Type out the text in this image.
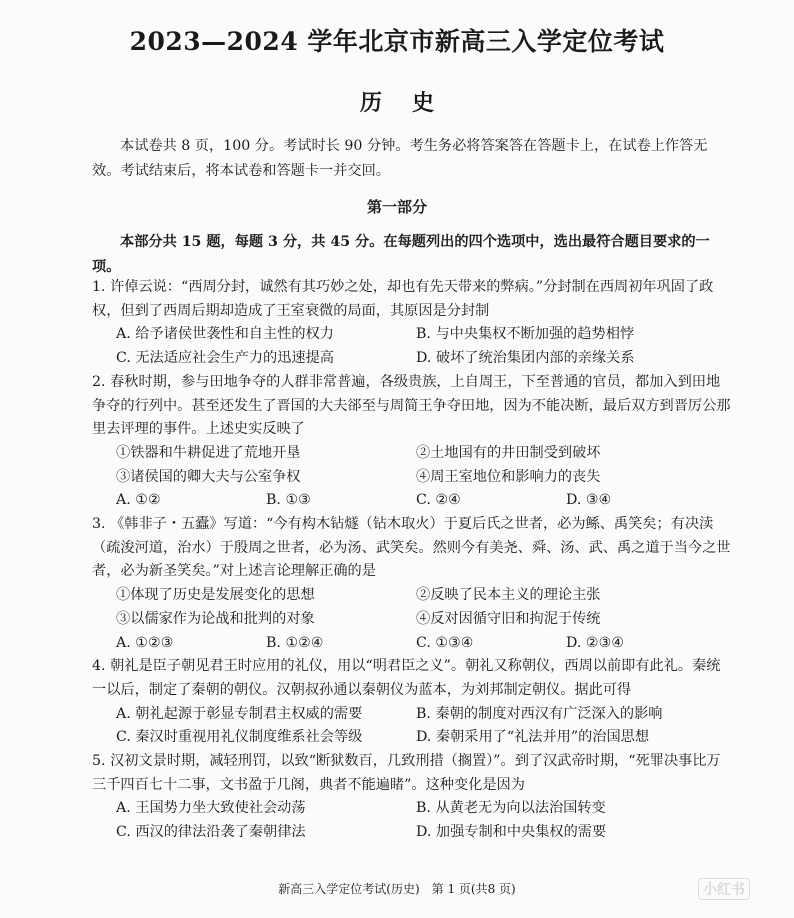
2023—2024 学年北京市新高三入学定位考试
历史
本试卷共 8 页，100 分。考试时长 90 分钟。考生务必将答案答在答题卡上，在试卷上作答无效。考试结束后，将本试卷和答题卡一并交回。
第一部分
本部分共 15 题，每题 3 分，共 45 分。在每题列出的四个选项中，选出最符合题目要求的一项。
1. 许倬云说：“西周分封，诚然有其巧妙之处，却也有先天带来的弊病。”分封制在西周初年巩固了政权，但到了西周后期却造成了王室衰微的局面，其原因是分封制
A. 给予诸侯世袭性和自主性的权力	B. 与中央集权不断加强的趋势相悖
C. 无法适应社会生产力的迅速提高	D. 破坏了统治集团内部的亲缘关系
2. 春秋时期，参与田地争夺的人群非常普遍，各级贵族，上自周王，下至普通的官员，都加入到田地争夺的行列中。甚至还发生了晋国的大夫郤至与周简王争夺田地，因为不能决断，最后双方到晋厉公那里去评理的事件。上述史实反映了
①铁器和牛耕促进了荒地开垦	②土地国有的井田制受到破坏
③诸侯国的卿大夫与公室争权	④周王室地位和影响力的丧失
A. ①②	B. ①③	C. ②④	D. ③④
3. 《韩非子・五蠹》写道：“今有构木钻燧（钻木取火）于夏后氏之世者，必为鲧、禹笑矣；有决渎（疏浚河道，治水）于殷周之世者，必为汤、武笑矣。然则今有美尧、舜、汤、武、禹之道于当今之世者，必为新圣笑矣。”对上述言论理解正确的是
①体现了历史是发展变化的思想	②反映了民本主义的理论主张
③以儒家作为论战和批判的对象	④反对因循守旧和拘泥于传统
A. ①②③	B. ①②④	C. ①③④	D. ②③④
4. 朝礼是臣子朝见君王时应用的礼仪，用以“明君臣之义”。朝礼又称朝仪，西周以前即有此礼。秦统一以后，制定了秦朝的朝仪。汉朝叔孙通以秦朝仪为蓝本，为刘邦制定朝仪。据此可得
A. 朝礼起源于彰显专制君主权威的需要	B. 秦朝的制度对西汉有广泛深入的影响
C. 秦汉时重视用礼仪制度维系社会等级	D. 秦朝采用了“礼法并用”的治国思想
5. 汉初文景时期，减轻刑罚，以致“断狱数百，几致刑措（搁置）”。到了汉武帝时期，“死罪决事比万三千四百七十二事，文书盈于几阁，典者不能遍睹”。这种变化是因为
A. 王国势力坐大致使社会动荡	B. 从黄老无为向以法治国转变
C. 西汉的律法沿袭了秦朝律法	D. 加强专制和中央集权的需要
新高三入学定位考试(历史)　第 1 页(共8 页)	小红书
